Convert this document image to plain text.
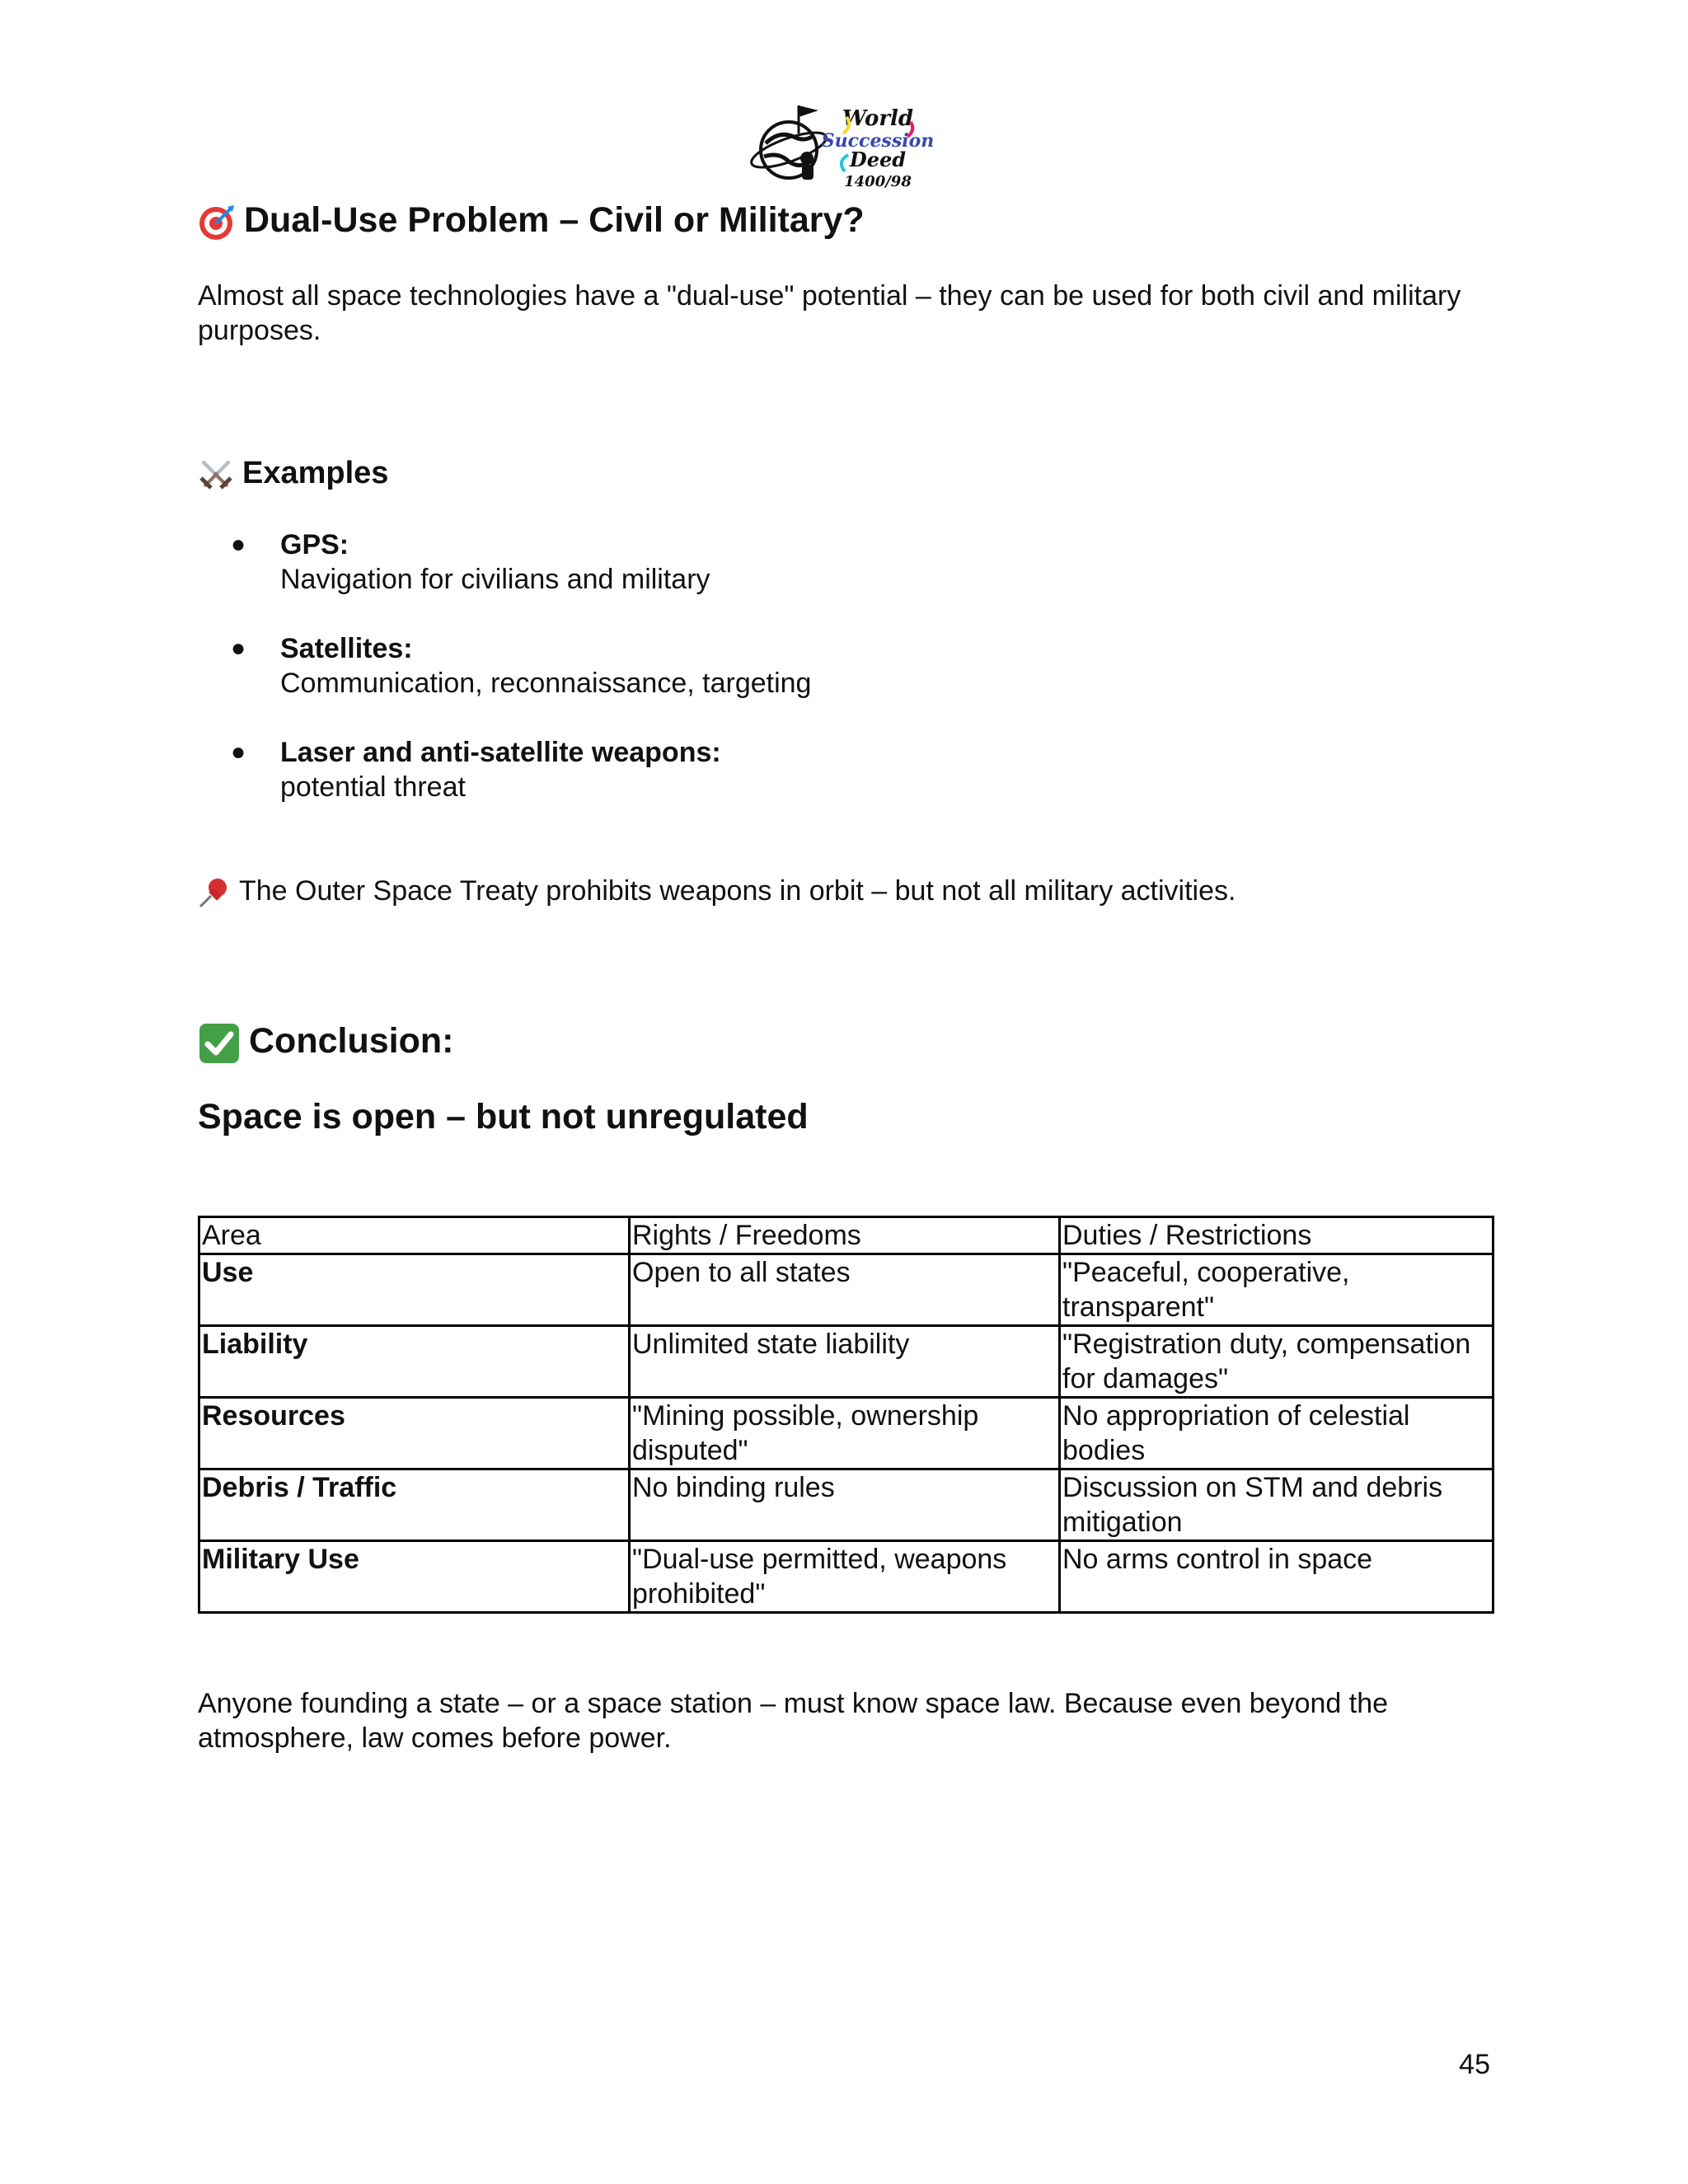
World
Succession
Deed
1400/98
Dual-Use Problem – Civil or Military?

Almost all space technologies have a "dual-use" potential – they can be used for both civil and military purposes.

Examples
● GPS:
Navigation for civilians and military
● Satellites:
Communication, reconnaissance, targeting
● Laser and anti-satellite weapons:
potential threat

The Outer Space Treaty prohibits weapons in orbit – but not all military activities.

Conclusion:
Space is open – but not unregulated
Area	Rights / Freedoms	Duties / Restrictions
Use	Open to all states	"Peaceful, cooperative, transparent"
Liability	Unlimited state liability	"Registration duty, compensation for damages"
Resources	"Mining possible, ownership disputed"	No appropriation of celestial bodies
Debris / Traffic	No binding rules	Discussion on STM and debris mitigation
Military Use	"Dual-use permitted, weapons prohibited"	No arms control in space

Anyone founding a state – or a space station – must know space law. Because even beyond the atmosphere, law comes before power.

45
